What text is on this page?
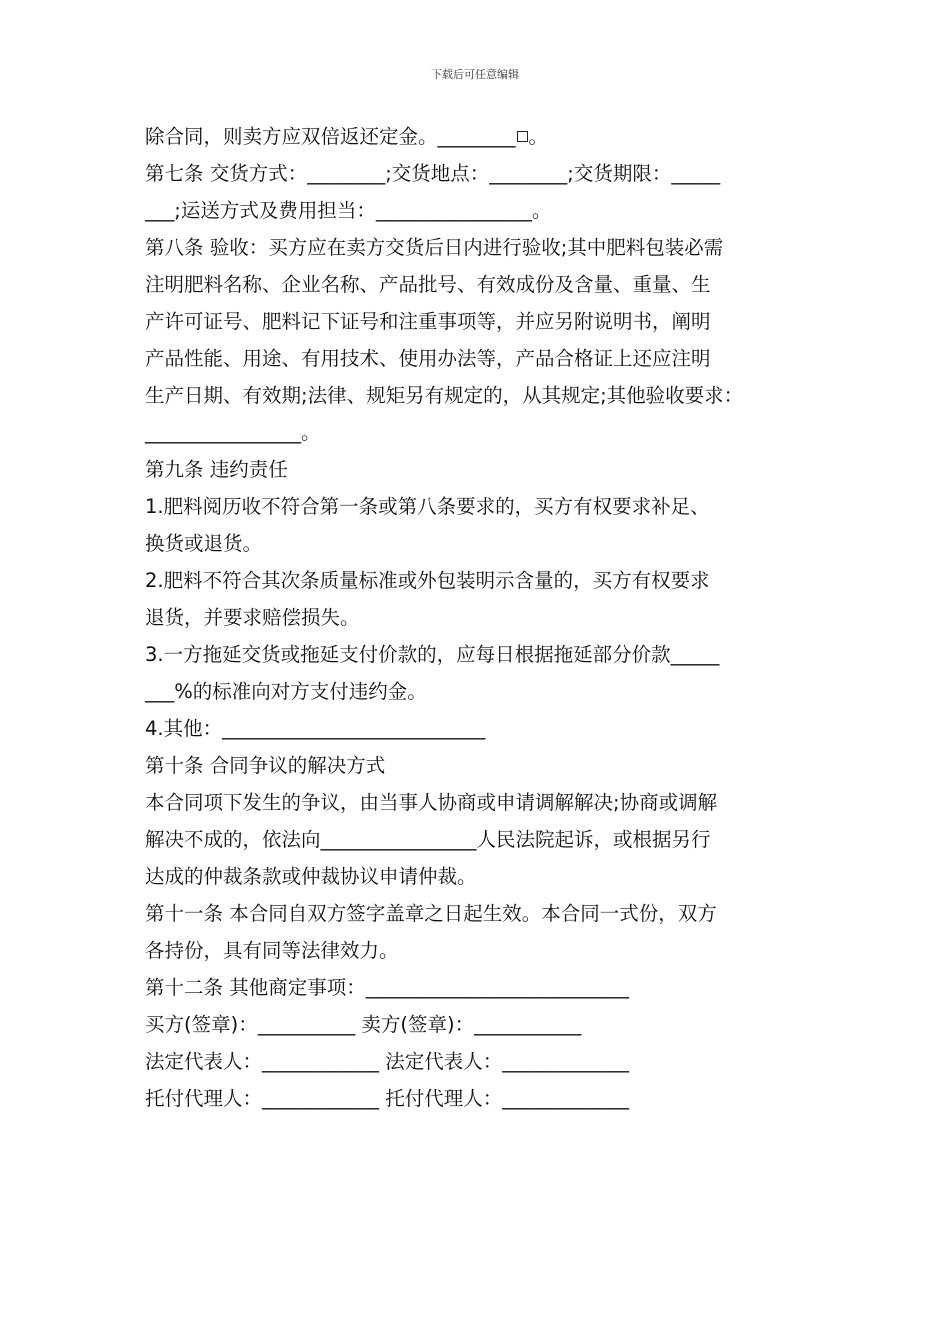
下载后可任意编辑
除合同，则卖方应双倍返还定金。________ 。
第七条 交货方式：________;交货地点：________;交货期限：_____
___;运送方式及费用担当：________________。
第八条 验收：买方应在卖方交货后日内进行验收;其中肥料包装必需
注明肥料名称、企业名称、产品批号、有效成份及含量、重量、生
产许可证号、肥料记下证号和注重事项等，并应另附说明书，阐明
产品性能、用途、有用技术、使用办法等，产品合格证上还应注明
生产日期、有效期;法律、规矩另有规定的，从其规定;其他验收要求：
________________。
第九条 违约责任
1.肥料阅历收不符合第一条或第八条要求的，买方有权要求补足、
换货或退货。
2.肥料不符合其次条质量标准或外包装明示含量的，买方有权要求
退货，并要求赔偿损失。
3.一方拖延交货或拖延支付价款的，应每日根据拖延部分价款_____
___%的标准向对方支付违约金。
4.其他：___________________________
第十条 合同争议的解决方式
本合同项下发生的争议，由当事人协商或申请调解解决;协商或调解
解决不成的，依法向________________人民法院起诉，或根据另行
达成的仲裁条款或仲裁协议申请仲裁。
第十一条 本合同自双方签字盖章之日起生效。本合同一式份，双方
各持份，具有同等法律效力。
第十二条 其他商定事项：___________________________
买方(签章)：__________ 卖方(签章)：___________
法定代表人：____________ 法定代表人：_____________
托付代理人：____________ 托付代理人：_____________
